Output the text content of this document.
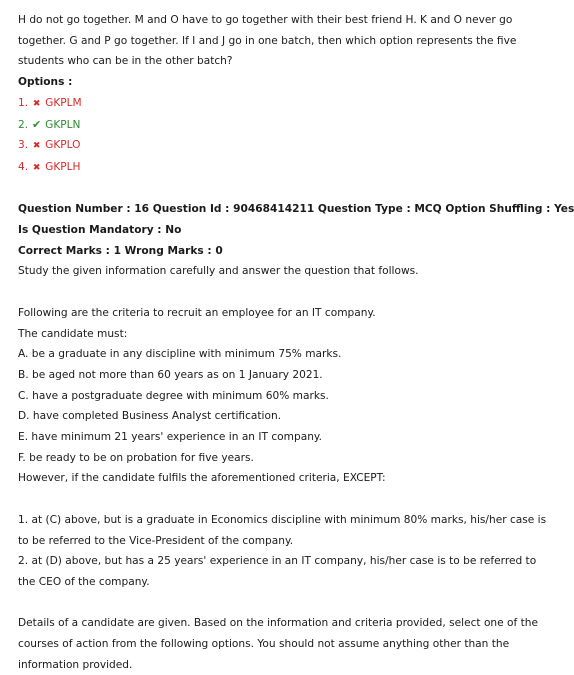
H do not go together. M and O have to go together with their best friend H. K and O never go
together. G and P go together. If I and J go in one batch, then which option represents the five
students who can be in the other batch?
Options :
1. ✖ GKPLM
2. ✔ GKPLN
3. ✖ GKPLO
4. ✖ GKPLH
Question Number : 16 Question Id : 90468414211 Question Type : MCQ Option Shuffling : Yes
Is Question Mandatory : No
Correct Marks : 1 Wrong Marks : 0
Study the given information carefully and answer the question that follows.
Following are the criteria to recruit an employee for an IT company.
The candidate must:
A. be a graduate in any discipline with minimum 75% marks.
B. be aged not more than 60 years as on 1 January 2021.
C. have a postgraduate degree with minimum 60% marks.
D. have completed Business Analyst certification.
E. have minimum 21 years' experience in an IT company.
F. be ready to be on probation for five years.
However, if the candidate fulfils the aforementioned criteria, EXCEPT:
1. at (C) above, but is a graduate in Economics discipline with minimum 80% marks, his/her case is
to be referred to the Vice-President of the company.
2. at (D) above, but has a 25 years' experience in an IT company, his/her case is to be referred to
the CEO of the company.
Details of a candidate are given. Based on the information and criteria provided, select one of the
courses of action from the following options. You should not assume anything other than the
information provided.
